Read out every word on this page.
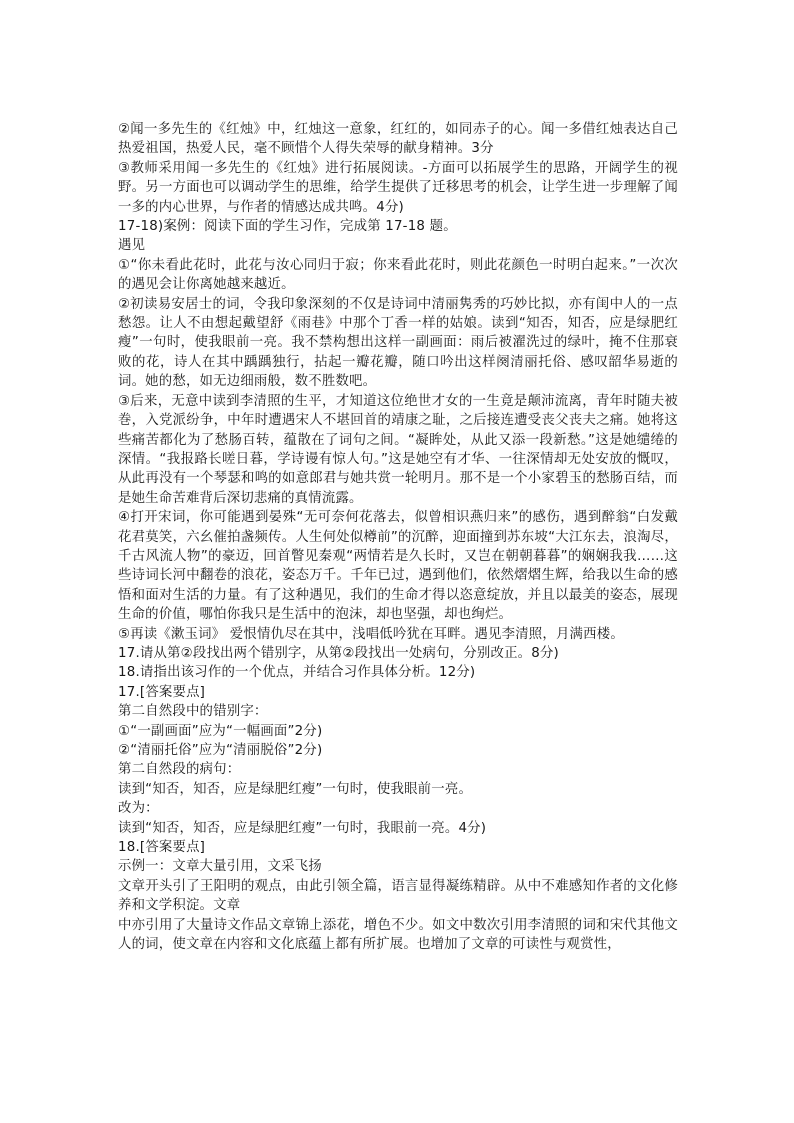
②闻一多先生的《红烛》中，红烛这一意象，红红的，如同赤子的心。闻一多借红烛表达自己热爱祖国，热爱人民，毫不顾惜个人得失荣辱的献身精神。3分

③教师采用闻一多先生的《红烛》进行拓展阅读。-方面可以拓展学生的思路，开阔学生的视野。另一方面也可以调动学生的思维，给学生提供了迁移思考的机会，让学生进一步理解了闻一多的内心世界，与作者的情感达成共鸣。4分)

17-18)案例：阅读下面的学生习作，完成第 17-18 题。

遇见

①“你未看此花时，此花与汝心同归于寂；你来看此花时，则此花颜色一时明白起来。”一次次的遇见会让你离她越来越近。

②初读易安居士的词，令我印象深刻的不仅是诗词中清丽隽秀的巧妙比拟，亦有闺中人的一点愁怨。让人不由想起戴望舒《雨巷》中那个丁香一样的姑娘。读到“知否，知否，应是绿肥红瘦”一句时，使我眼前一亮。我不禁构想出这样一副画面：雨后被濯洗过的绿叶，掩不住那衰败的花，诗人在其中踽踽独行，拈起一瓣花瓣，随口吟出这样阕清丽托俗、感叹韶华易逝的词。她的愁，如无边细雨般，数不胜数吧。

③后来，无意中读到李清照的生平，才知道这位绝世才女的一生竟是颠沛流离，青年时随夫被巻，入党派纷争，中年时遭遇宋人不堪回首的靖康之耻，之后接连遭受丧父丧夫之痛。她将这些痛苦都化为了愁肠百转，蕴散在了词句之间。“凝眸处，从此又添一段新愁。”这是她缱绻的深情。“我报路长嗟日暮，学诗谩有惊人句。”这是她空有才华、一往深情却无处安放的慨叹，从此再没有一个琴瑟和鸣的如意郎君与她共赏一轮明月。那不是一个小家碧玉的愁肠百结，而是她生命苦难背后深切悲痛的真情流露。

④打开宋词，你可能遇到晏殊“无可奈何花落去，似曾相识燕归来”的感伤，遇到醉翁“白发戴花君莫笑，六幺催拍盏频传。人生何处似樽前”的沉醉，迎面撞到苏东坡“大江东去，浪淘尽，千古风流人物”的豪迈，回首瞥见秦观“两情若是久长时，又岂在朝朝暮暮”的娴娴我我……这些诗词长河中翻卷的浪花，姿态万千。千年已过，遇到他们，依然熠熠生辉，给我以生命的感悟和面对生活的力量。有了这种遇见，我们的生命才得以恣意绽放，并且以最美的姿态，展现生命的价值，哪怕你我只是生活中的泡沫，却也坚强，却也绚烂。

⑤再读《漱玉词》 爱恨情仇尽在其中，浅唱低吟犹在耳畔。遇见李清照，月满西楼。

17.请从第②段找出两个错别字，从第②段找出一处病句，分别改正。8分)

18.请指出该习作的一个优点，并结合习作具体分析。12分)

17.[答案要点]

第二自然段中的错别字：

①“一副画面”应为“一幅画面”2分)

②“清丽托俗”应为“清丽脱俗”2分)

第二自然段的病句：

读到“知否，知否，应是绿肥红瘦”一句时，使我眼前一亮。

改为：

读到“知否，知否，应是绿肥红瘦”一句时，我眼前一亮。4分)

18.[答案要点]

示例一：文章大量引用，文采飞扬

文章开头引了王阳明的观点，由此引领全篇，语言显得凝练精辟。从中不难感知作者的文化修养和文学积淀。文章

中亦引用了大量诗文作品文章锦上添花，增色不少。如文中数次引用李清照的词和宋代其他文人的词，使文章在内容和文化底蕴上都有所扩展。也增加了文章的可读性与观赏性，
